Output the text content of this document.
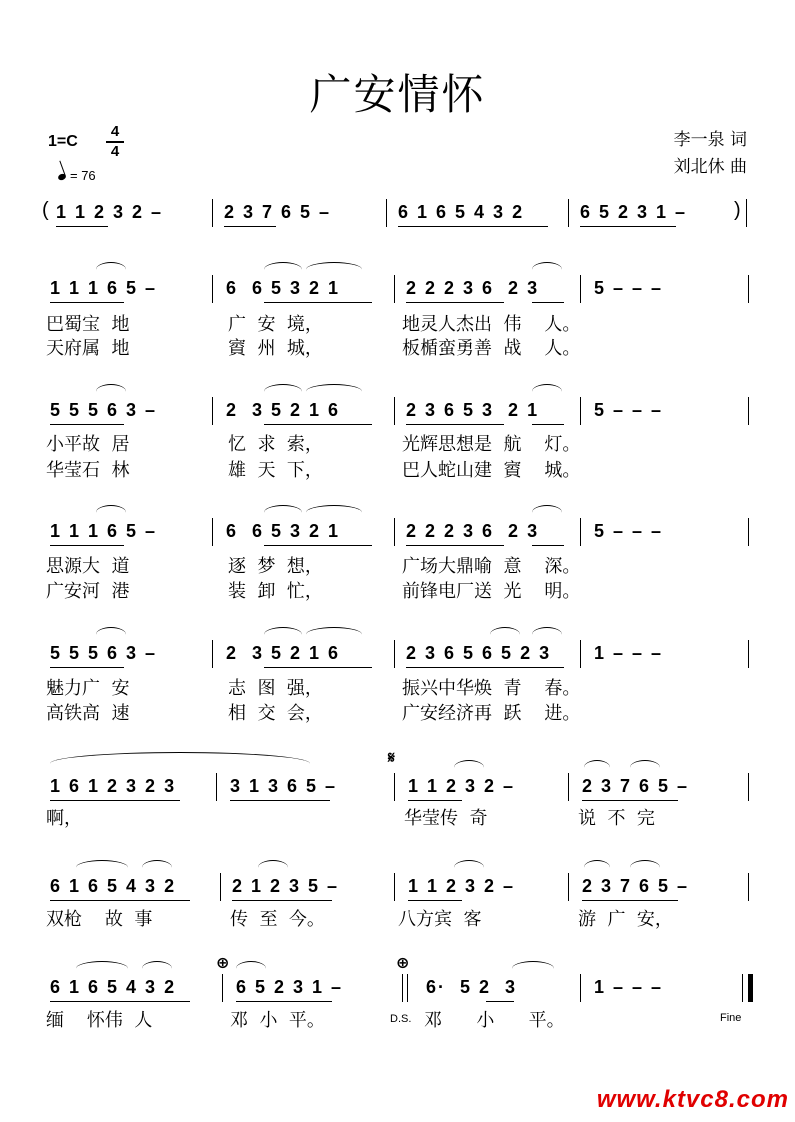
广安情怀
1=C
4
4
= 76
李一泉 词
刘北休 曲
( 1 1 2 3 2 –	2 3 7 6 5 –	6 1 6 5 4 3 2	6 5 2 3 1 – )
1 1 1 6 5 –	6  6 5 3 2 1	2 2 2 3 6  2 3	5 – – –
巴蜀宝  地	广  安  境，	地灵人杰出  伟    人。
天府属  地	賨  州  城，	板楯蛮勇善  战    人。
5 5 5 6 3 –	2  3 5 2 1 6	2 3 6 5 3  2 1	5 – – –
小平故  居	忆  求  索，	光辉思想是  航    灯。
华莹石  林	雄  天  下，	巴人蛇山建  賨    城。
1 1 1 6 5 –	6  6 5 3 2 1	2 2 2 3 6  2 3	5 – – –
思源大  道	逐  梦  想，	广场大鼎喻  意    深。
广安河  港	装  卸  忙，	前锋电厂送  光    明。
5 5 5 6 3 –	2  3 5 2 1 6	2 3 6 5 6 5 2 3 1 – – –
魅力广  安	志  图  强，	振兴中华焕  青    春。
高铁高  速	相  交  会，	广安经济再  跃    进。
𝄋
1 6 1 2 3 2 3	3 1 3 6 5 –	1 1 2 3 2 –	2 3 7 6 5 –
啊，	华莹传  奇	说  不  完
6 1 6 5 4 3 2	2 1 2 3 5 –	1 1 2 3 2 –	2 3 7 6 5 –
双枪    故  事	传  至  今。	八方宾  客	游  广  安，
⊕	⊕
6 1 6 5 4 3 2	6 5 2 3 1 –	6·  5 2  3	1 – – –
缅    怀伟  人	邓  小  平。	D.S. 邓      小      平。	Fine
www.ktvc8.com
